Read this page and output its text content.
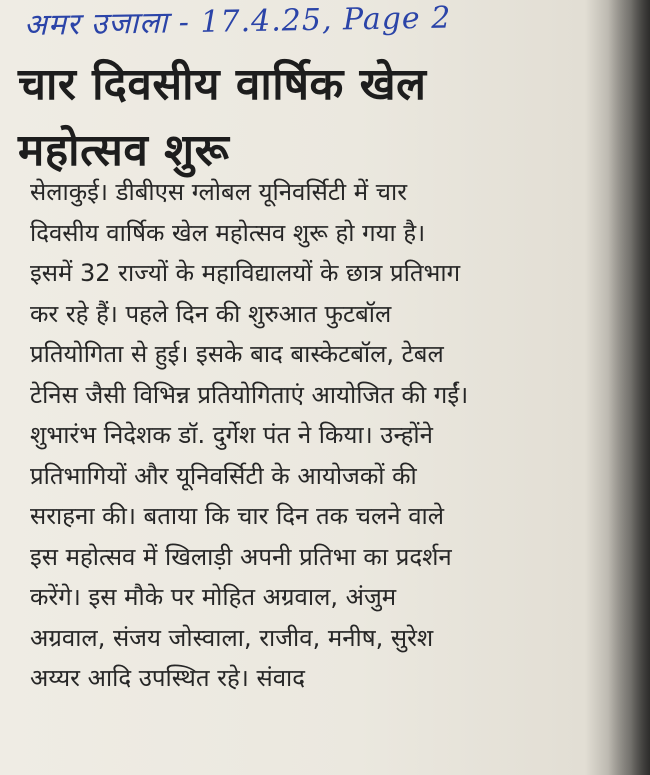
अमर उजाला - 17.4.25, Page 2
चार दिवसीय वार्षिक खेल
महोत्सव शुरू
सेलाकुई। डीबीएस ग्लोबल यूनिवर्सिटी में चार
दिवसीय वार्षिक खेल महोत्सव शुरू हो गया है।
इसमें 32 राज्यों के महाविद्यालयों के छात्र प्रतिभाग
कर रहे हैं। पहले दिन की शुरुआत फुटबॉल
प्रतियोगिता से हुई। इसके बाद बास्केटबॉल, टेबल
टेनिस जैसी विभिन्न प्रतियोगिताएं आयोजित की गईं।
शुभारंभ निदेशक डॉ. दुर्गेश पंत ने किया। उन्होंने
प्रतिभागियों और यूनिवर्सिटी के आयोजकों की
सराहना की। बताया कि चार दिन तक चलने वाले
इस महोत्सव में खिलाड़ी अपनी प्रतिभा का प्रदर्शन
करेंगे। इस मौके पर मोहित अग्रवाल, अंजुम
अग्रवाल, संजय जोस्वाला, राजीव, मनीष, सुरेश
अय्यर आदि उपस्थित रहे। संवाद
